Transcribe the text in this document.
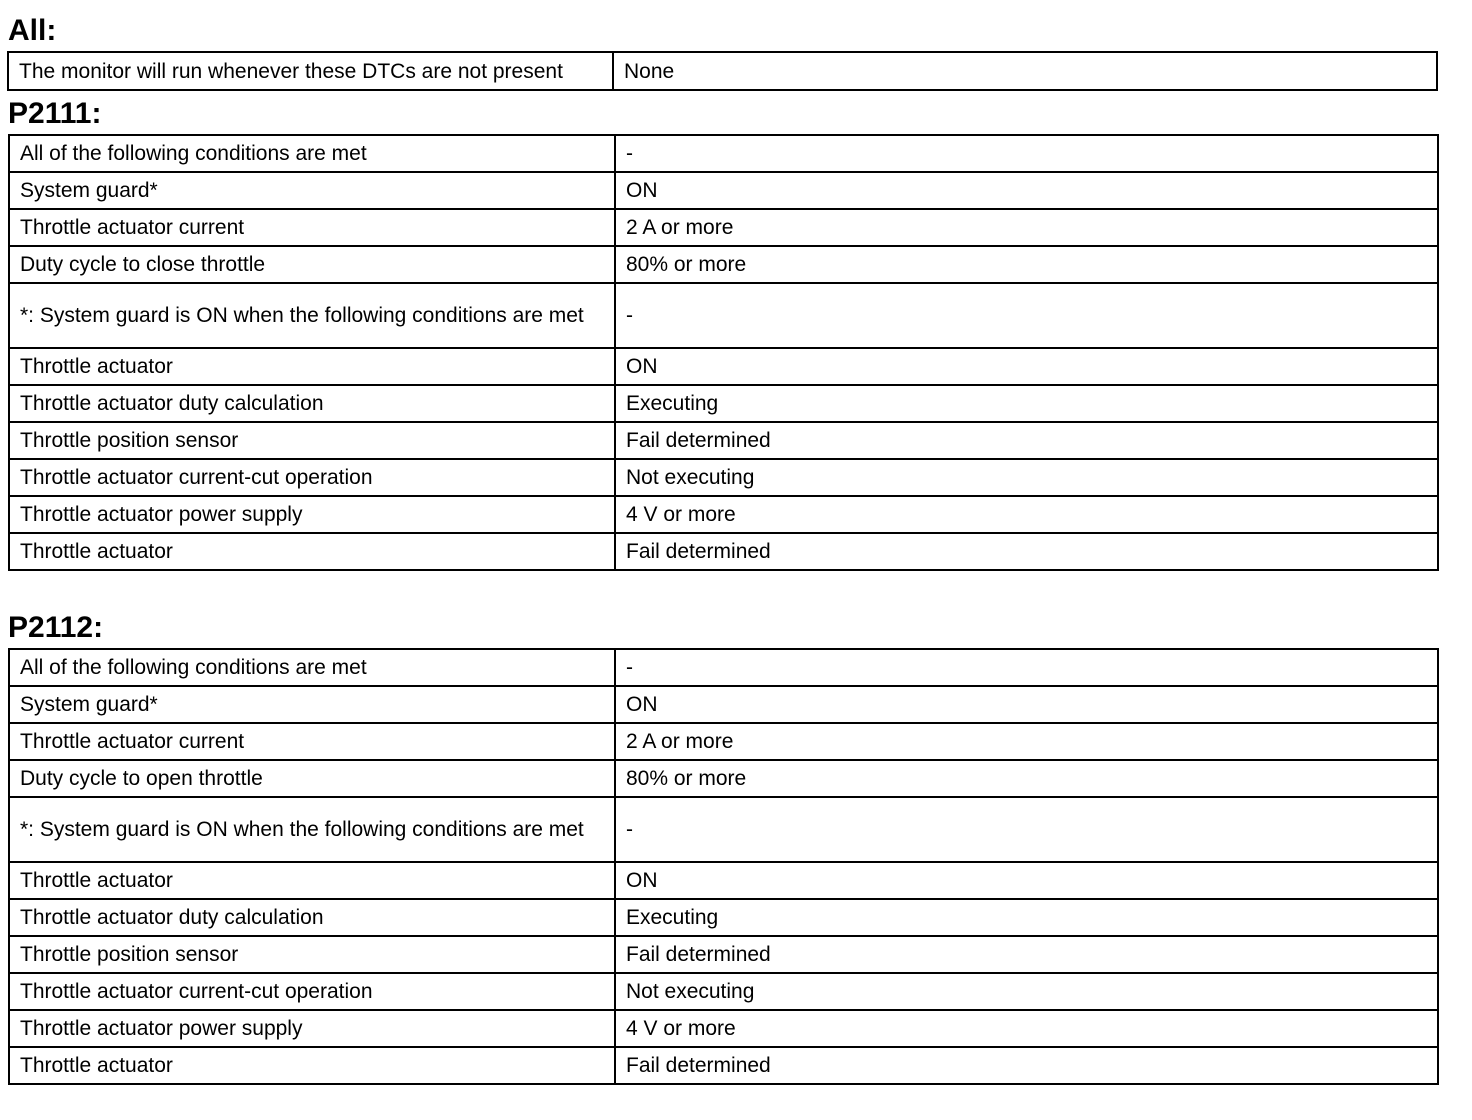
All:
The monitor will run whenever these DTCs are not present	None
P2111:
All of the following conditions are met	-
System guard*	ON
Throttle actuator current	2 A or more
Duty cycle to close throttle	80% or more
*: System guard is ON when the following conditions are met	-
Throttle actuator	ON
Throttle actuator duty calculation	Executing
Throttle position sensor	Fail determined
Throttle actuator current-cut operation	Not executing
Throttle actuator power supply	4 V or more
Throttle actuator	Fail determined
P2112:
All of the following conditions are met	-
System guard*	ON
Throttle actuator current	2 A or more
Duty cycle to open throttle	80% or more
*: System guard is ON when the following conditions are met	-
Throttle actuator	ON
Throttle actuator duty calculation	Executing
Throttle position sensor	Fail determined
Throttle actuator current-cut operation	Not executing
Throttle actuator power supply	4 V or more
Throttle actuator	Fail determined
